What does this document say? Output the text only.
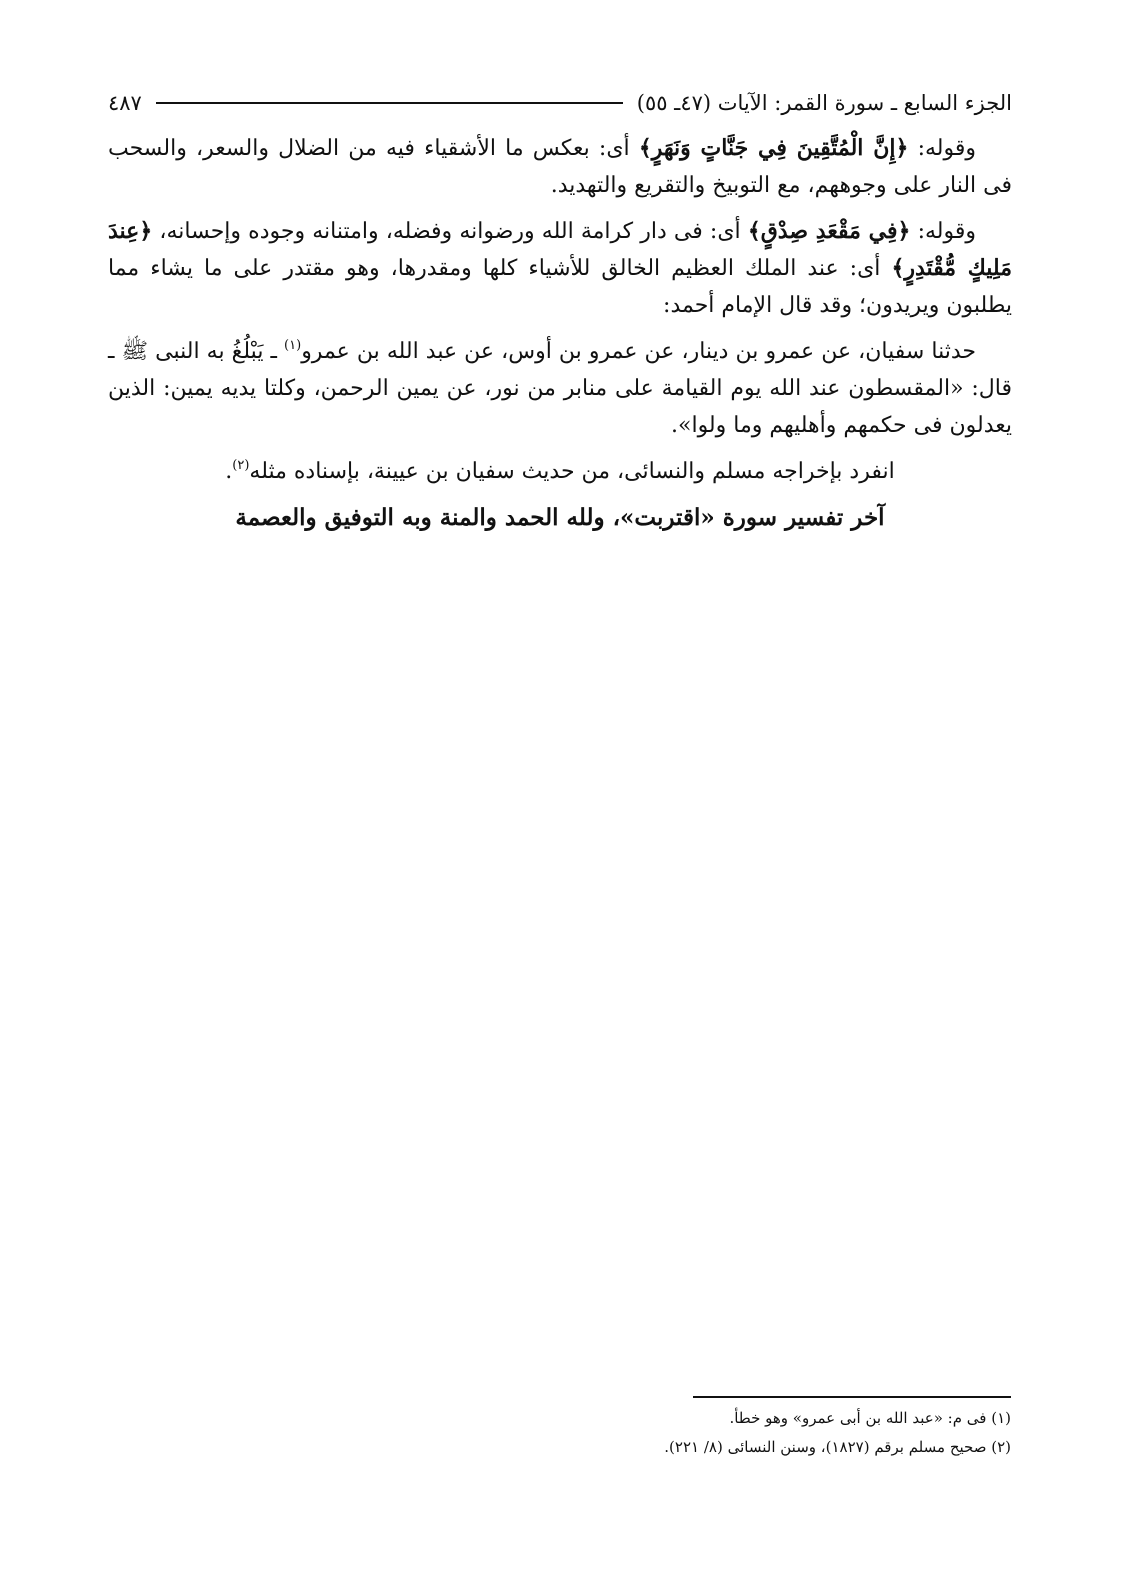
الجزء السابع ـ سورة القمر: الآيات (٤٧ـ ٥٥)
٤٨٧

وقوله: ﴿إِنَّ الْمُتَّقِينَ فِي جَنَّاتٍ وَنَهَرٍ﴾ أى: بعكس ما الأشقياء فيه من الضلال والسعر، والسحب فى النار على وجوههم، مع التوبيخ والتقريع والتهديد.

وقوله: ﴿فِي مَقْعَدِ صِدْقٍ﴾ أى: فى دار كرامة الله ورضوانه وفضله، وامتنانه وجوده وإحسانه، ﴿عِندَ مَلِيكٍ مُّقْتَدِرٍ﴾ أى: عند الملك العظيم الخالق للأشياء كلها ومقدرها، وهو مقتدر على ما يشاء مما يطلبون ويريدون؛ وقد قال الإمام أحمد:

حدثنا سفيان، عن عمرو بن دينار، عن عمرو بن أوس، عن عبد الله بن عمرو$^{(١)}$ ـ يَبْلُغُ به النبى ﷺ ـ قال: «المقسطون عند الله يوم القيامة على منابر من نور، عن يمين الرحمن، وكلتا يديه يمين: الذين يعدلون فى حكمهم وأهليهم وما ولوا».

انفرد بإخراجه مسلم والنسائى، من حديث سفيان بن عيينة، بإسناده مثله$^{(٢)}$.

آخر تفسير سورة «اقتربت»، ولله الحمد والمنة وبه التوفيق والعصمة

(١) فى م: «عبد الله بن أبى عمرو» وهو خطأ.

(٢) صحيح مسلم برقم (١٨٢٧)، وسنن النسائى (٨/ ٢٢١).
